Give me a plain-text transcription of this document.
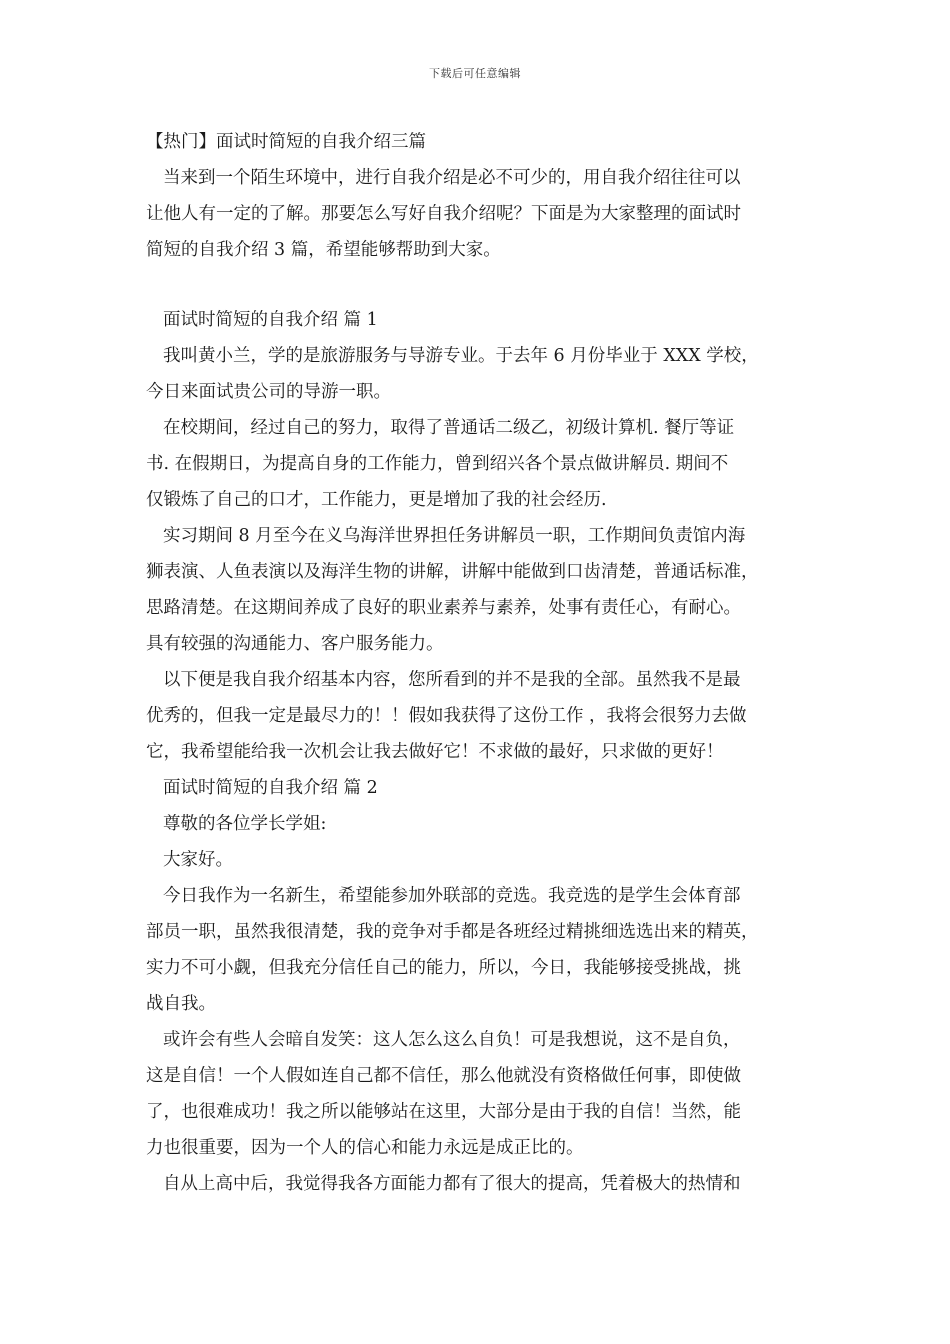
下载后可任意编辑
【热门】面试时简短的自我介绍三篇
当来到一个陌生环境中，进行自我介绍是必不可少的，用自我介绍往往可以
让他人有一定的了解。那要怎么写好自我介绍呢？下面是为大家整理的面试时
简短的自我介绍 3 篇，希望能够帮助到大家。
面试时简短的自我介绍 篇 1
我叫黄小兰，学的是旅游服务与导游专业。于去年 6 月份毕业于 XXX 学校，
今日来面试贵公司的导游一职。
在校期间，经过自己的努力，取得了普通话二级乙，初级计算机. 餐厅等证
书. 在假期日，为提高自身的工作能力，曾到绍兴各个景点做讲解员. 期间不
仅锻炼了自己的口才，工作能力，更是增加了我的社会经历.
实习期间 8 月至今在义乌海洋世界担任务讲解员一职，工作期间负责馆内海
狮表演、人鱼表演以及海洋生物的讲解，讲解中能做到口齿清楚，普通话标准，
思路清楚。在这期间养成了良好的职业素养与素养，处事有责任心，有耐心。
具有较强的沟通能力、客户服务能力。
以下便是我自我介绍基本内容，您所看到的并不是我的全部。虽然我不是最
优秀的，但我一定是最尽力的！！假如我获得了这份工作 ，我将会很努力去做
它，我希望能给我一次机会让我去做好它！不求做的最好，只求做的更好！
面试时简短的自我介绍 篇 2
尊敬的各位学长学姐:
大家好。
今日我作为一名新生，希望能参加外联部的竞选。我竞选的是学生会体育部
部员一职，虽然我很清楚，我的竞争对手都是各班经过精挑细选选出来的精英，
实力不可小觑，但我充分信任自己的能力，所以，今日，我能够接受挑战，挑
战自我。
或许会有些人会暗自发笑：这人怎么这么自负！可是我想说，这不是自负，
这是自信！一个人假如连自己都不信任，那么他就没有资格做任何事，即使做
了，也很难成功！我之所以能够站在这里，大部分是由于我的自信！当然，能
力也很重要，因为一个人的信心和能力永远是成正比的。
自从上高中后，我觉得我各方面能力都有了很大的提高，凭着极大的热情和
